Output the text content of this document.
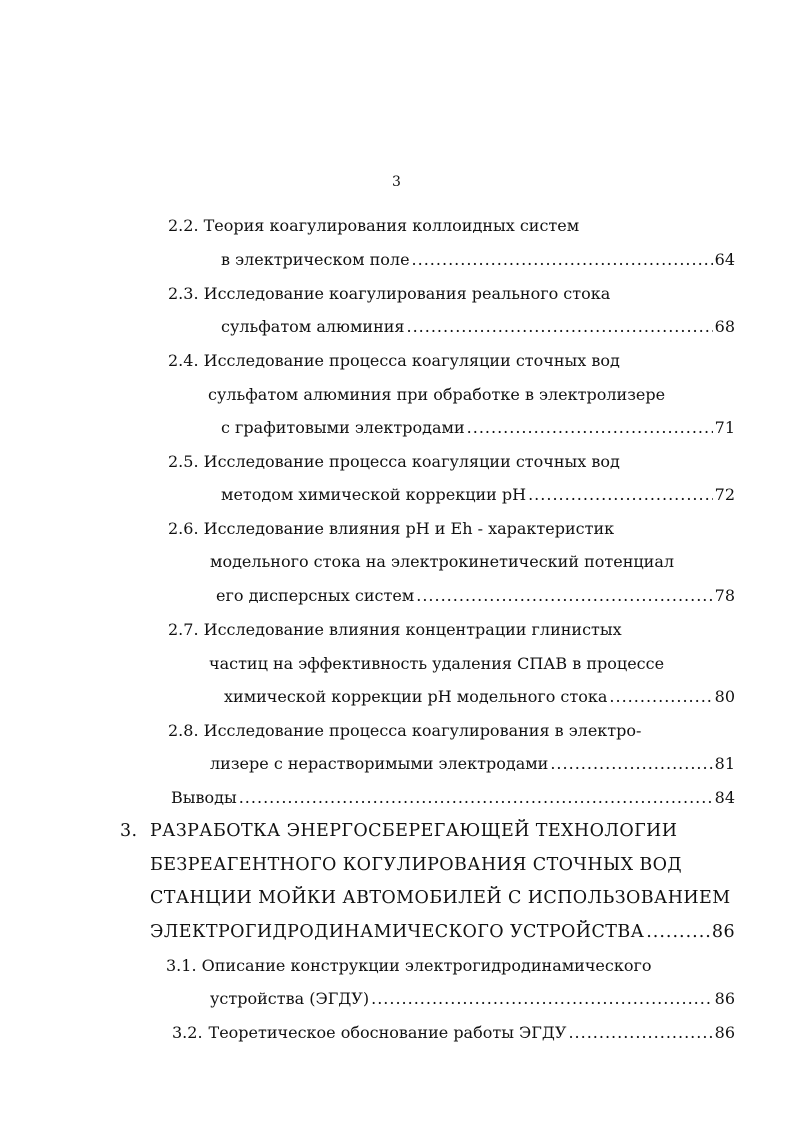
3
2.2. Теория коагулирования коллоидных систем
в электрическом поле .....	64
2.3. Исследование коагулирования реального стока
сульфатом алюминия .....	68
2.4. Исследование процесса коагуляции сточных вод
сульфатом алюминия при обработке в электролизере
с графитовыми электродами .....	71
2.5. Исследование процесса коагуляции сточных вод
методом химической коррекции pH .....	72
2.6. Исследование влияния pH и Eh - характеристик
модельного стока на электрокинетический потенциал
его дисперсных систем .....	78
2.7. Исследование влияния концентрации глинистых
частиц на эффективность удаления СПАВ в процессе
химической коррекции pH модельного стока .....	80
2.8. Исследование процесса коагулирования в электро-
лизере с нерастворимыми электродами .....	81
Выводы .....	84
3. РАЗРАБОТКА ЭНЕРГОСБЕРЕГАЮЩЕЙ ТЕХНОЛОГИИ
БЕЗРЕАГЕНТНОГО КОГУЛИРОВАНИЯ СТОЧНЫХ ВОД
СТАНЦИИ МОЙКИ АВТОМОБИЛЕЙ С ИСПОЛЬЗОВАНИЕМ
ЭЛЕКТРОГИДРОДИНАМИЧЕСКОГО УСТРОЙСТВА .....	86
3.1. Описание конструкции электрогидродинамического
устройства (ЭГДУ) .....	86
3.2. Теоретическое обоснование работы ЭГДУ .....	86
